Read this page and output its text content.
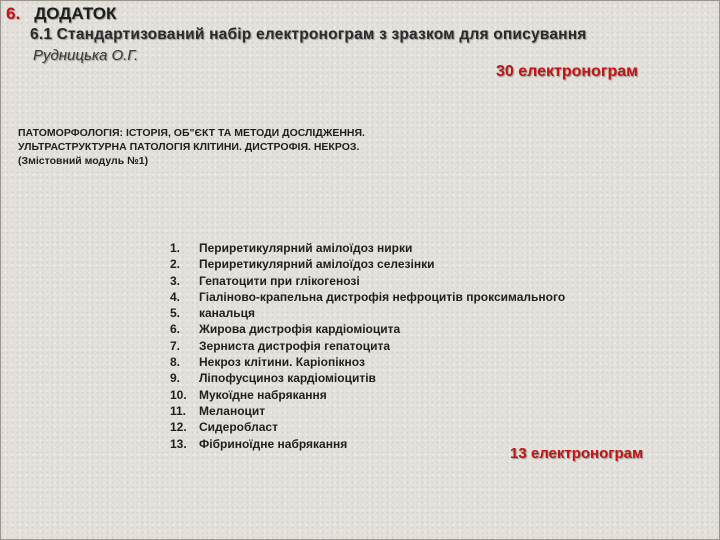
6. ДОДАТОК
6.1 Стандартизований набір електронограм з зразком для описування
Рудницька О.Г.
30 електронограм
ПАТОМОРФОЛОГІЯ: ІСТОРІЯ, ОБ"ЄКТ ТА МЕТОДИ ДОСЛІДЖЕННЯ.
УЛЬТРАСТРУКТУРНА ПАТОЛОГІЯ КЛІТИНИ. ДИСТРОФІЯ. НЕКРОЗ.
(Змістовний модуль №1)
1.	Периретикулярний амілоїдоз нирки
2.	Периретикулярний амілоїдоз селезінки
3.	Гепатоцити при глікогенозі
4.	Гіаліново-крапельна дистрофія нефроцитів проксимального
5.	канальця
6.	Жирова дистрофія кардіоміоцита
7.	Зерниста дистрофія гепатоцита
8.	Некроз клітини. Каріопікноз
9.	Ліпофусциноз кардіоміоцитів
10.	Мукоїдне набрякання
11.	Меланоцит
12.	Сидеробласт
13.	Фібриноїдне набрякання
13 електронограм
